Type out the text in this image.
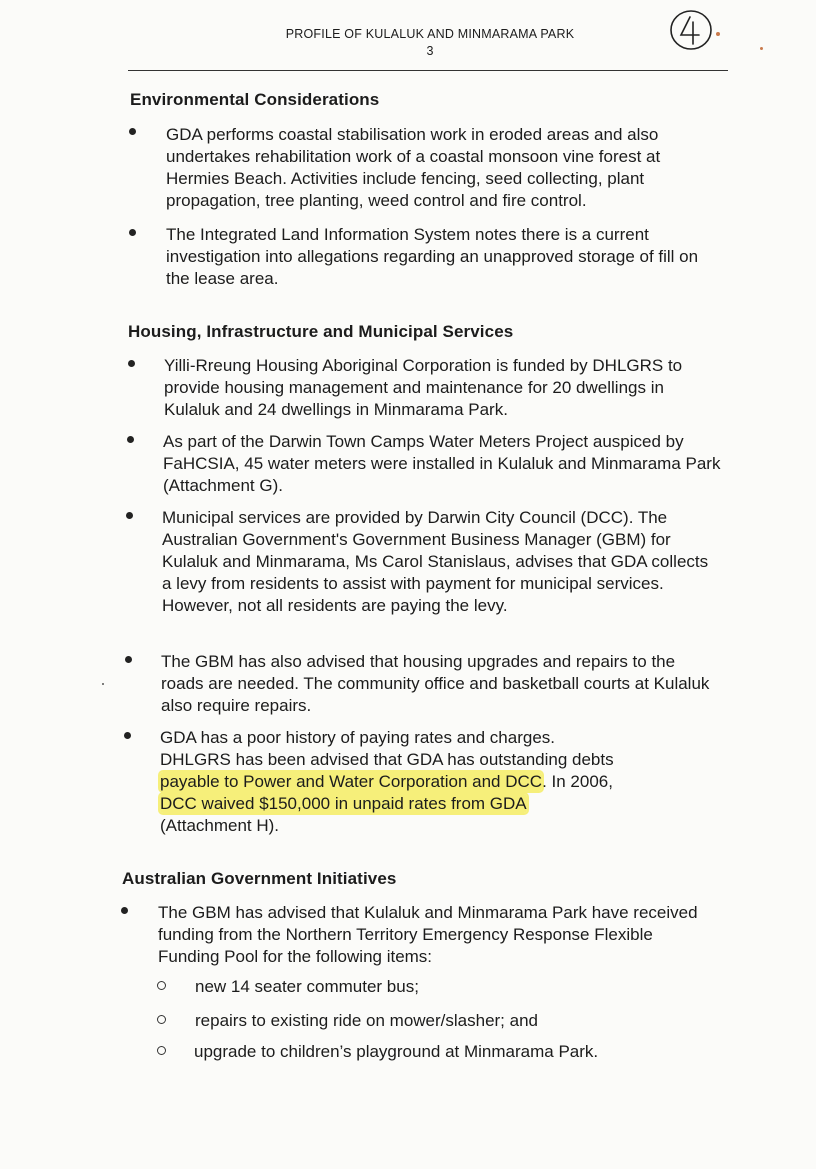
PROFILE OF KULALUK AND MINMARAMA PARK
3
Environmental Considerations
GDA performs coastal stabilisation work in eroded areas and also undertakes rehabilitation work of a coastal monsoon vine forest at Hermies Beach. Activities include fencing, seed collecting, plant propagation, tree planting, weed control and fire control.
The Integrated Land Information System notes there is a current investigation into allegations regarding an unapproved storage of fill on the lease area.
Housing, Infrastructure and Municipal Services
Yilli-Rreung Housing Aboriginal Corporation is funded by DHLGRS to provide housing management and maintenance for 20 dwellings in Kulaluk and 24 dwellings in Minmarama Park.
As part of the Darwin Town Camps Water Meters Project auspiced by FaHCSIA, 45 water meters were installed in Kulaluk and Minmarama Park (Attachment G).
Municipal services are provided by Darwin City Council (DCC). The Australian Government's Government Business Manager (GBM) for Kulaluk and Minmarama, Ms Carol Stanislaus, advises that GDA collects a levy from residents to assist with payment for municipal services. However, not all residents are paying the levy.
The GBM has also advised that housing upgrades and repairs to the roads are needed. The community office and basketball courts at Kulaluk also require repairs.
GDA has a poor history of paying rates and charges.
DHLGRS has been advised that GDA has outstanding debts
payable to Power and Water Corporation and DCC. In 2006,
DCC waived $150,000 in unpaid rates from GDA
(Attachment H).
Australian Government Initiatives
The GBM has advised that Kulaluk and Minmarama Park have received funding from the Northern Territory Emergency Response Flexible Funding Pool for the following items:
new 14 seater commuter bus;
repairs to existing ride on mower/slasher; and
upgrade to children’s playground at Minmarama Park.
